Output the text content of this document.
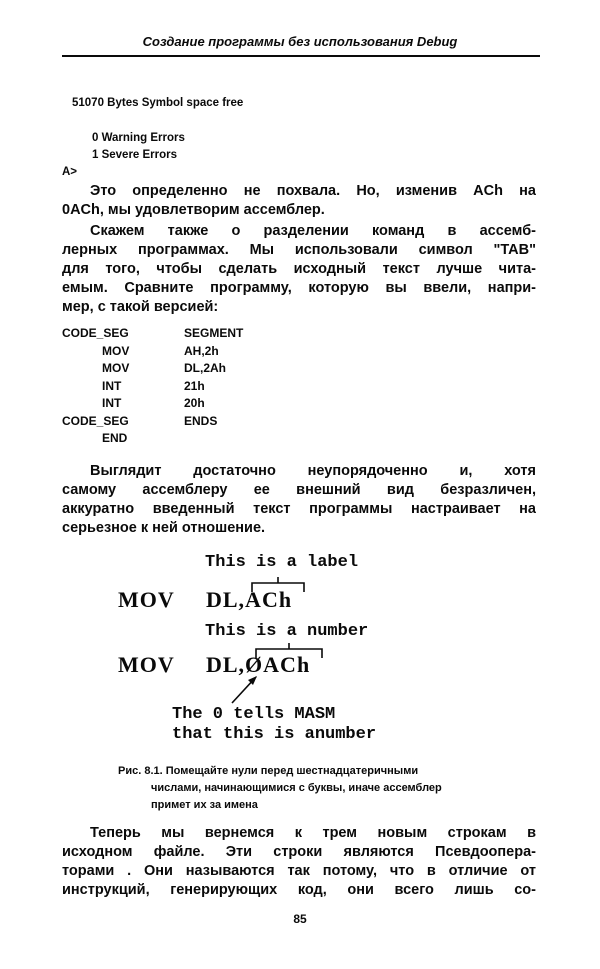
Создание программы без использования Debug

51070 Bytes Symbol space free

0 Warning Errors

1 Severe Errors

A>

Это определенно не похвала. Но, изменив ACh на
0ACh, мы удовлетворим ассемблер.
Скажем также о разделении команд в ассемб-
лерных программах. Мы использовали символ "TAB"
для того, чтобы сделать исходный текст лучше чита-
емым. Сравните программу, которую вы ввели, напри-
мер, с такой версией:
CODE_SEG	SEGMENT
MOV	AH,2h
MOV	DL,2Ah
INT	21h
INT	20h
CODE_SEG	ENDS
END
Выглядит достаточно неупорядоченно и, хотя
самому ассемблеру ее внешний вид безразличен,
аккуратно введенный текст программы настраивает на
серьезное к ней отношение.

This is a label

MOV DL,ACh

This is a number

MOV DL,ØACh

The 0 tells MASM

that this is anumber

Рис. 8.1. Помещайте нули перед шестнадцатеричными

числами, начинающимися с буквы, иначе ассемблер

примет их за имена

Теперь мы вернемся к трем новым строкам в
исходном файле. Эти строки являются Псевдоопера-
торами . Они называются так потому, что в отличие от
инструкций, генерирующих код, они всего лишь со-
85
